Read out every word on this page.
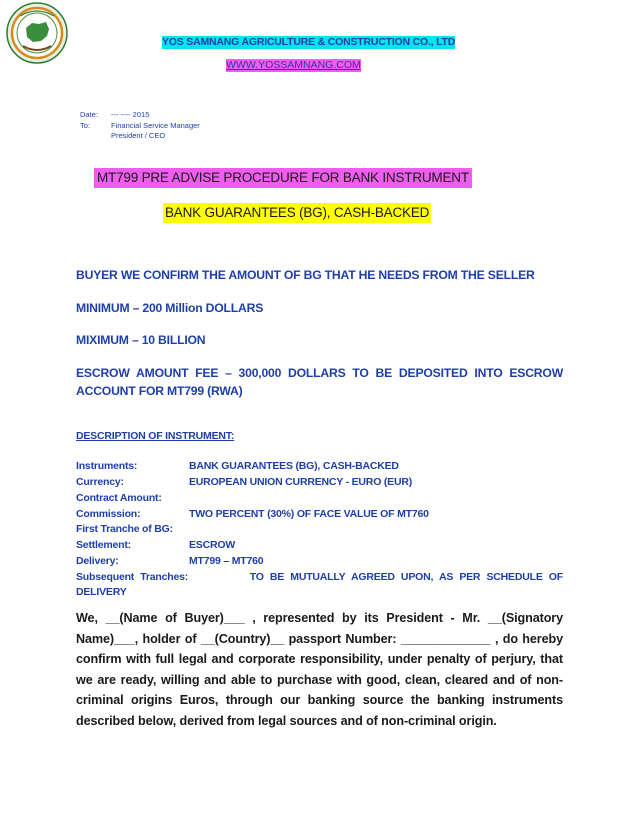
YOS SAMNANG AGRICULTURE & CONSTRUCTION CO., LTD
WWW.YOSSAMNANG.COM
Date: --- ---- 2015
To:	Financial Service Manager
President / CEO
MT799 PRE ADVISE PROCEDURE FOR BANK INSTRUMENT
BANK GUARANTEES (BG), CASH-BACKED
BUYER WE CONFIRM THE AMOUNT OF BG THAT HE NEEDS FROM THE SELLER
MINIMUM – 200 Million DOLLARS
MIXIMUM – 10 BILLION
ESCROW AMOUNT FEE – 300,000 DOLLARS TO BE DEPOSITED INTO ESCROW
ACCOUNT FOR MT799 (RWA)
DESCRIPTION OF INSTRUMENT:
Instruments:	BANK GUARANTEES (BG), CASH-BACKED
Currency:	EUROPEAN UNION CURRENCY - EURO (EUR)
Contract Amount:
Commission:	TWO PERCENT (30%) OF FACE VALUE OF MT760
First Tranche of BG:
Settlement:	ESCROW
Delivery:	MT799 – MT760
Subsequent Tranches:          TO BE MUTUALLY AGREED UPON, AS PER SCHEDULE OF
DELIVERY
We, __(Name of Buyer)___ , represented by its President - Mr. __(Signatory Name)___, holder of __(Country)__ passport Number: _____________ , do hereby confirm with full legal and corporate responsibility, under penalty of perjury, that we are ready, willing and able to purchase with good, clean, cleared and of non-criminal origins Euros, through our banking source the banking instruments described below, derived from legal sources and of non-criminal origin.
